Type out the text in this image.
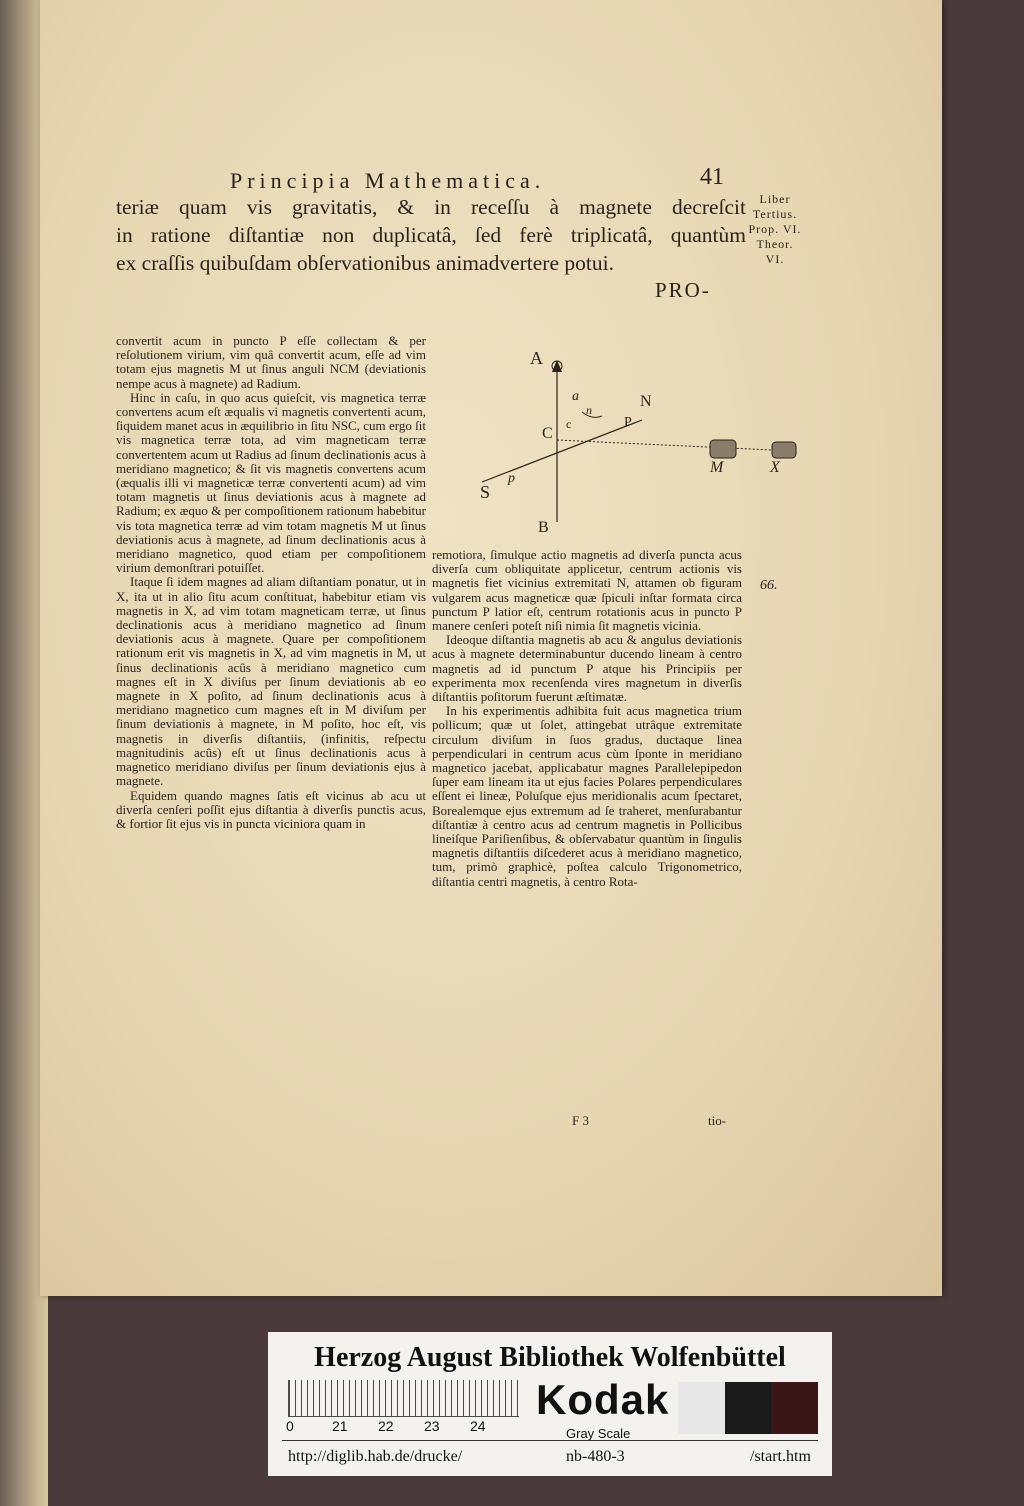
Principia Mathematica.	41
teriæ quam vis gravitatis, & in receſſu à magnete decreſcit
in ratione diſtantiæ non duplicatâ, ſed ferè triplicatâ, quantùm
ex craſſis quibuſdam obſervationibus animadvertere potui.
Liber
Tertius.
Prop. VI.
Theor.
VI.
PRO-

convertit acum in puncto P eſſe collectam & per reſolutionem virium, vim quâ convertit acum, eſſe ad vim totam ejus magnetis M ut ſinus anguli NCM (deviationis nempe acus à magnete) ad Radium.

Hinc in caſu, in quo acus quieſcit, vis magnetica terræ convertens acum eſt æqualis vi magnetis convertenti acum, ſiquidem manet acus in æquilibrio in ſitu NSC, cum ergo ſit vis magnetica terræ tota, ad vim magneticam terræ convertentem acum ut Radius ad ſinum declinationis acus à meridiano magnetico; & ſit vis magnetis convertens acum (æqualis illi vi magneticæ terræ convertenti acum) ad vim totam magnetis ut ſinus deviationis acus à magnete ad Radium; ex æquo & per compoſitionem rationum habebitur vis tota magnetica terræ ad vim totam magnetis M ut ſinus deviationis acus à magnete, ad ſinum declinationis acus à meridiano magnetico, quod etiam per compoſitionem virium demonſtrari potuiſſet.

Itaque ſi idem magnes ad aliam diſtantiam ponatur, ut in X, ita ut in alio ſitu acum conſtituat, habebitur etiam vis magnetis in X, ad vim totam magneticam terræ, ut ſinus declinationis acus à meridiano magnetico ad ſinum deviationis acus à magnete. Quare per compoſitionem rationum erit vis magnetis in X, ad vim magnetis in M, ut ſinus declinationis acûs à meridiano magnetico cum magnes eſt in X diviſus per ſinum deviationis ab eo magnete in X poſito, ad ſinum declinationis acus à meridiano magnetico cum magnes eſt in M diviſum per ſinum deviationis à magnete, in M poſito, hoc eſt, vis magnetis in diverſis diſtantiis, (infinitis, reſpectu magnitudinis acûs) eſt ut ſinus declinationis acus à magnetico meridiano diviſus per ſinum deviationis ejus à magnete.

Equidem quando magnes ſatis eſt vicinus ab acu ut diverſa cenſeri poſſit ejus diſtantia à diverſis punctis acus, & fortior ſit ejus vis in puncta viciniora quam in

A
a	N
C
c
n
P
M	X
S
p
B

remotiora, ſimulque actio magnetis ad diverſa puncta acus diverſa cum obliquitate applicetur, centrum actionis vis magnetis fiet vicinius extremitati N, attamen ob figuram vulgarem acus magneticæ quæ ſpiculi inſtar formata circa punctum P latior eſt, centrum rotationis acus in puncto P manere cenſeri poteſt niſi nimia ſit magnetis vicinia.

Ideoque diſtantia magnetis ab acu & angulus deviationis acus à magnete determinabuntur ducendo lineam à centro magnetis ad id punctum P atque his Principiis per experimenta mox recenſenda vires magnetum in diverſis diſtantiis poſitorum fuerunt æſtimatæ.

In his experimentis adhibita fuit acus magnetica trium pollicum; quæ ut ſolet, attingebat utrâque extremitate circulum diviſum in ſuos gradus, ductaque linea perpendiculari in centrum acus cùm ſponte in meridiano magnetico jacebat, applicabatur magnes Parallelepipedon ſuper eam lineam ita ut ejus facies Polares perpendiculares eſſent ei lineæ, Poluſque ejus meridionalis acum ſpectaret, Borealemque ejus extremum ad ſe traheret, menſurabantur diſtantiæ à centro acus ad centrum magnetis in Pollicibus lineiſque Pariſienſibus, & obſervabatur quantùm in ſingulis magnetis diſtantiis diſcederet acus à meridiano magnetico, tum, primò graphicè, poſtea calculo Trigonometrico, diſtantia centri magnetis, à centro Rota-

66.
F 3	tio-
Herzog August Bibliothek Wolfenbüttel
0	21 22 23 24
Kodak
Gray Scale
http://diglib.hab.de/drucke/	nb-480-3	/start.htm
